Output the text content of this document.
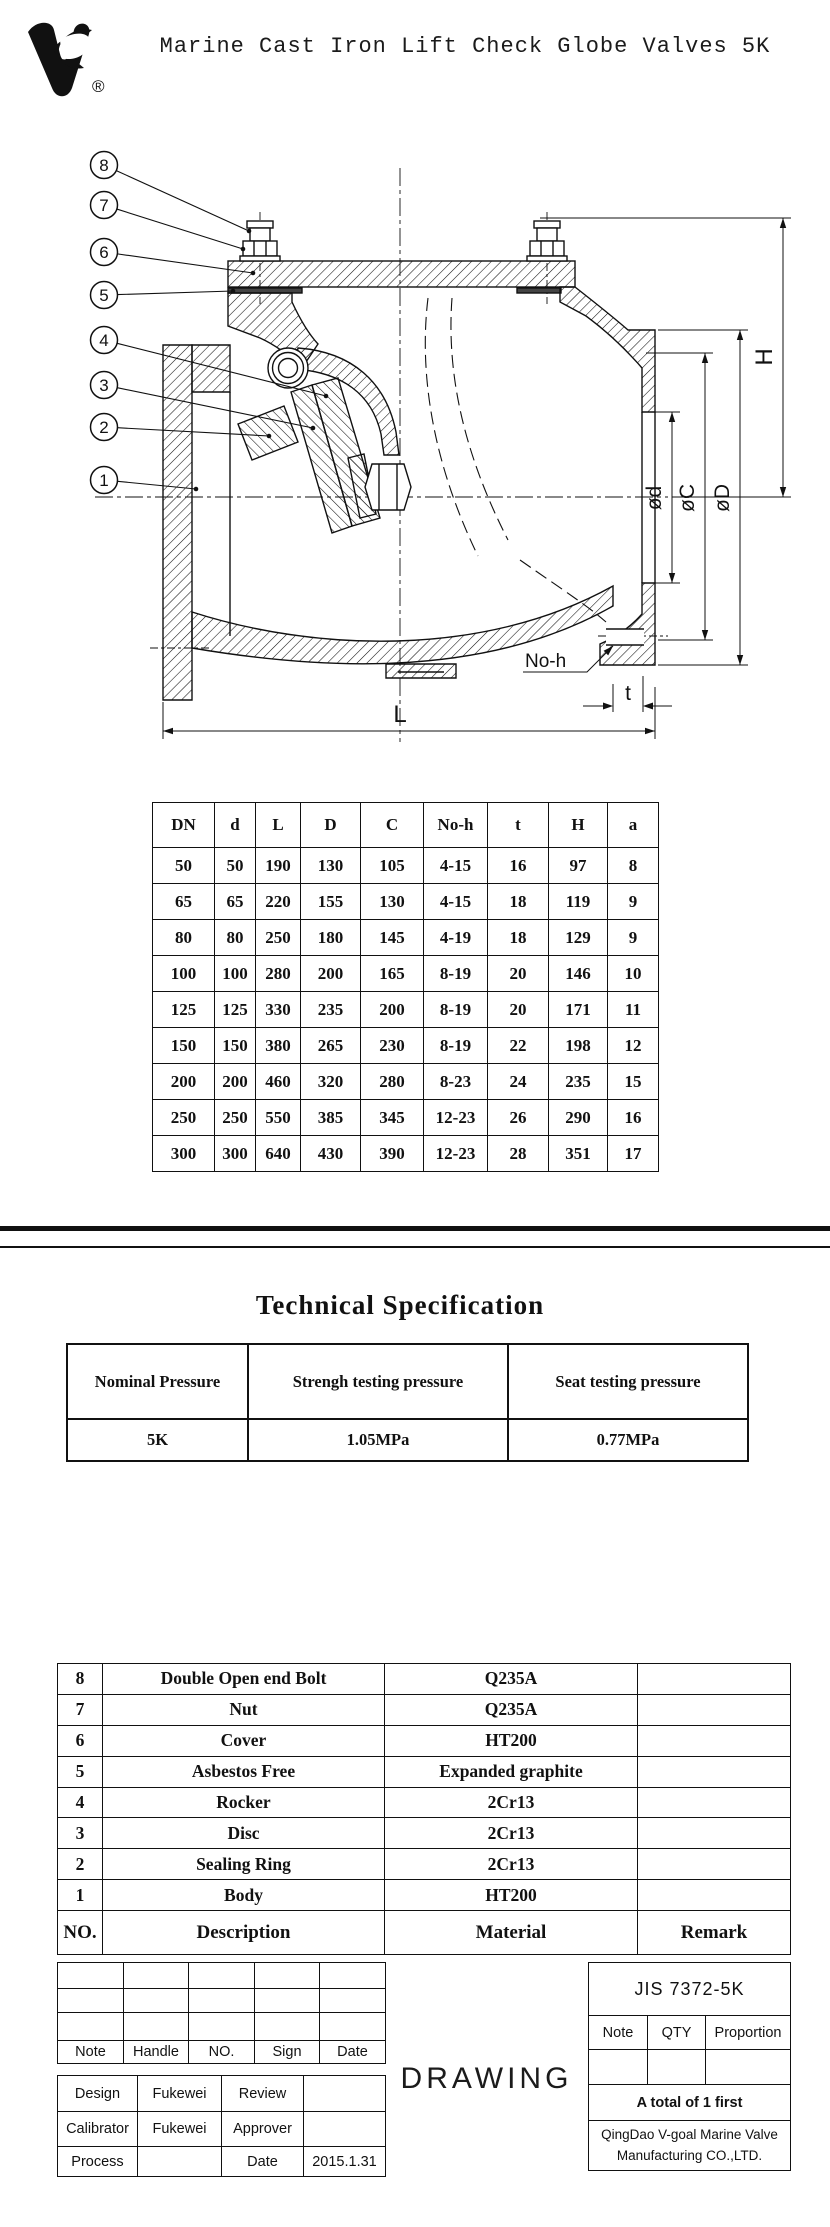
Marine Cast Iron Lift Check Globe Valves 5K
®
ød øC øD
H
L
t
No-h
8
7
6
5
4
3
2
1
DN	d	L	D	C	No-h	t	H	a
50	50	190	130	105	4-15	16	97	8
65	65	220	155	130	4-15	18	119	9
80	80	250	180	145	4-19	18	129	9
100	100	280	200	165	8-19	20	146	10
125	125	330	235	200	8-19	20	171	11
150	150	380	265	230	8-19	22	198	12
200	200	460	320	280	8-23	24	235	15
250	250	550	385	345	12-23	26	290	16
300	300	640	430	390	12-23	28	351	17
Technical Specification
Nominal Pressure	Strengh testing pressure	Seat testing pressure
5K	1.05MPa	0.77MPa
8	Double Open end Bolt	Q235A	
7	Nut	Q235A	
6	Cover	HT200	
5	Asbestos Free	Expanded graphite	
4	Rocker	2Cr13	
3	Disc	2Cr13	
2	Sealing Ring	2Cr13	
1	Body	HT200	
NO.	Description	Material	Remark

Note	Handle	NO.	Sign	Date
Design	Fukewei	Review	
Calibrator	Fukewei	Approver	
Process		Date	2015.1.31
DRAWING
JIS 7372-5K		
Note	QTY	Proportion

A total of 1 first		
QingDao V-goal Marine Valve
Manufacturing CO.,LTD.		
